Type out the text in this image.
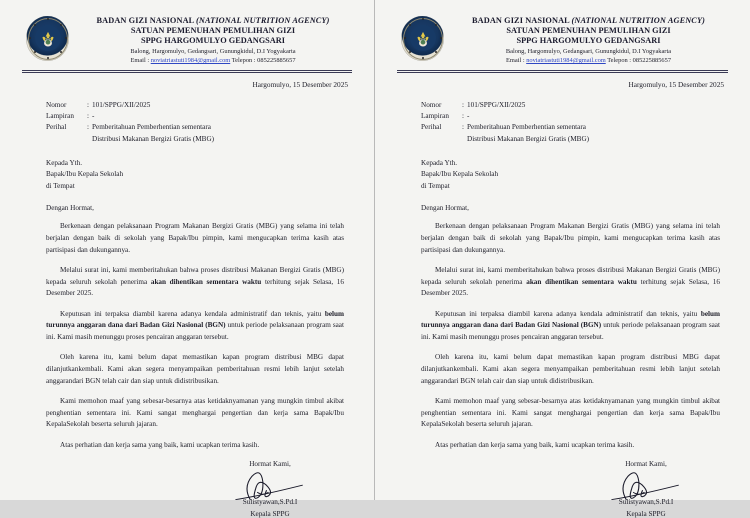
BADAN GIZI NASIONAL (NATIONAL NUTRITION AGENCY)
SATUAN PEMENUHAN PEMULIHAN GIZI
SPPG HARGOMULYO GEDANGSARI
Balong, Hargomulyo, Gedangsari, Gunungkidul, D.I Yogyakarta
Email : noviatriastuti1984@gmail.com Telepon : 085225885657
Hargomulyo, 15 Desember 2025
Nomor	: 101/SPPG/XII/2025
Lampiran	: -
Perihal	: Pemberitahuan Pemberhentian sementara
Distribusi Makanan Bergizi Gratis (MBG)
Kepada Yth.
Bapak/Ibu Kepala Sekolah
di Tempat
Dengan Hormat,

Berkenaan dengan pelaksanaan Program Makanan Bergizi Gratis (MBG) yang selama ini telah berjalan dengan baik di sekolah yang Bapak/Ibu pimpin, kami mengucapkan terima kasih atas partisipasi dan dukungannya.

Melalui surat ini, kami memberitahukan bahwa proses distribusi Makanan Bergizi Gratis (MBG) kepada seluruh sekolah penerima akan dihentikan sementara waktu terhitung sejak Selasa, 16 Desember 2025.

Keputusan ini terpaksa diambil karena adanya kendala administratif dan teknis, yaitu belum turunnya anggaran dana dari Badan Gizi Nasional (BGN) untuk periode pelaksanaan program saat ini. Kami masih menunggu proses pencairan anggaran tersebut.

Oleh karena itu, kami belum dapat memastikan kapan program distribusi MBG dapat dilanjutkankembali. Kami akan segera menyampaikan pemberitahuan resmi lebih lanjut setelah anggarandari BGN telah cair dan siap untuk didistribusikan.

Kami memohon maaf yang sebesar-besarnya atas ketidaknyamanan yang mungkin timbul akibat penghentian sementara ini. Kami sangat menghargai pengertian dan kerja sama Bapak/Ibu KepalaSekolah beserta seluruh jajaran.

Atas perhatian dan kerja sama yang baik, kami ucapkan terima kasih.

Hormat Kami,
Sulistyawan,S.Pd.I
Kepala SPPG
BADAN GIZI NASIONAL (NATIONAL NUTRITION AGENCY)
SATUAN PEMENUHAN PEMULIHAN GIZI
SPPG HARGOMULYO GEDANGSARI
Balong, Hargomulyo, Gedangsari, Gunungkidul, D.I Yogyakarta
Email : noviatriastuti1984@gmail.com Telepon : 085225885657
Hargomulyo, 15 Desember 2025
Nomor	: 101/SPPG/XII/2025
Lampiran	: -
Perihal	: Pemberitahuan Pemberhentian sementara
Distribusi Makanan Bergizi Gratis (MBG)
Kepada Yth.
Bapak/Ibu Kepala Sekolah
di Tempat
Dengan Hormat,

Berkenaan dengan pelaksanaan Program Makanan Bergizi Gratis (MBG) yang selama ini telah berjalan dengan baik di sekolah yang Bapak/Ibu pimpin, kami mengucapkan terima kasih atas partisipasi dan dukungannya.

Melalui surat ini, kami memberitahukan bahwa proses distribusi Makanan Bergizi Gratis (MBG) kepada seluruh sekolah penerima akan dihentikan sementara waktu terhitung sejak Selasa, 16 Desember 2025.

Keputusan ini terpaksa diambil karena adanya kendala administratif dan teknis, yaitu belum turunnya anggaran dana dari Badan Gizi Nasional (BGN) untuk periode pelaksanaan program saat ini. Kami masih menunggu proses pencairan anggaran tersebut.

Oleh karena itu, kami belum dapat memastikan kapan program distribusi MBG dapat dilanjutkankembali. Kami akan segera menyampaikan pemberitahuan resmi lebih lanjut setelah anggarandari BGN telah cair dan siap untuk didistribusikan.

Kami memohon maaf yang sebesar-besarnya atas ketidaknyamanan yang mungkin timbul akibat penghentian sementara ini. Kami sangat menghargai pengertian dan kerja sama Bapak/Ibu KepalaSekolah beserta seluruh jajaran.

Atas perhatian dan kerja sama yang baik, kami ucapkan terima kasih.

Hormat Kami,
Sulistyawan,S.Pd.I
Kepala SPPG
